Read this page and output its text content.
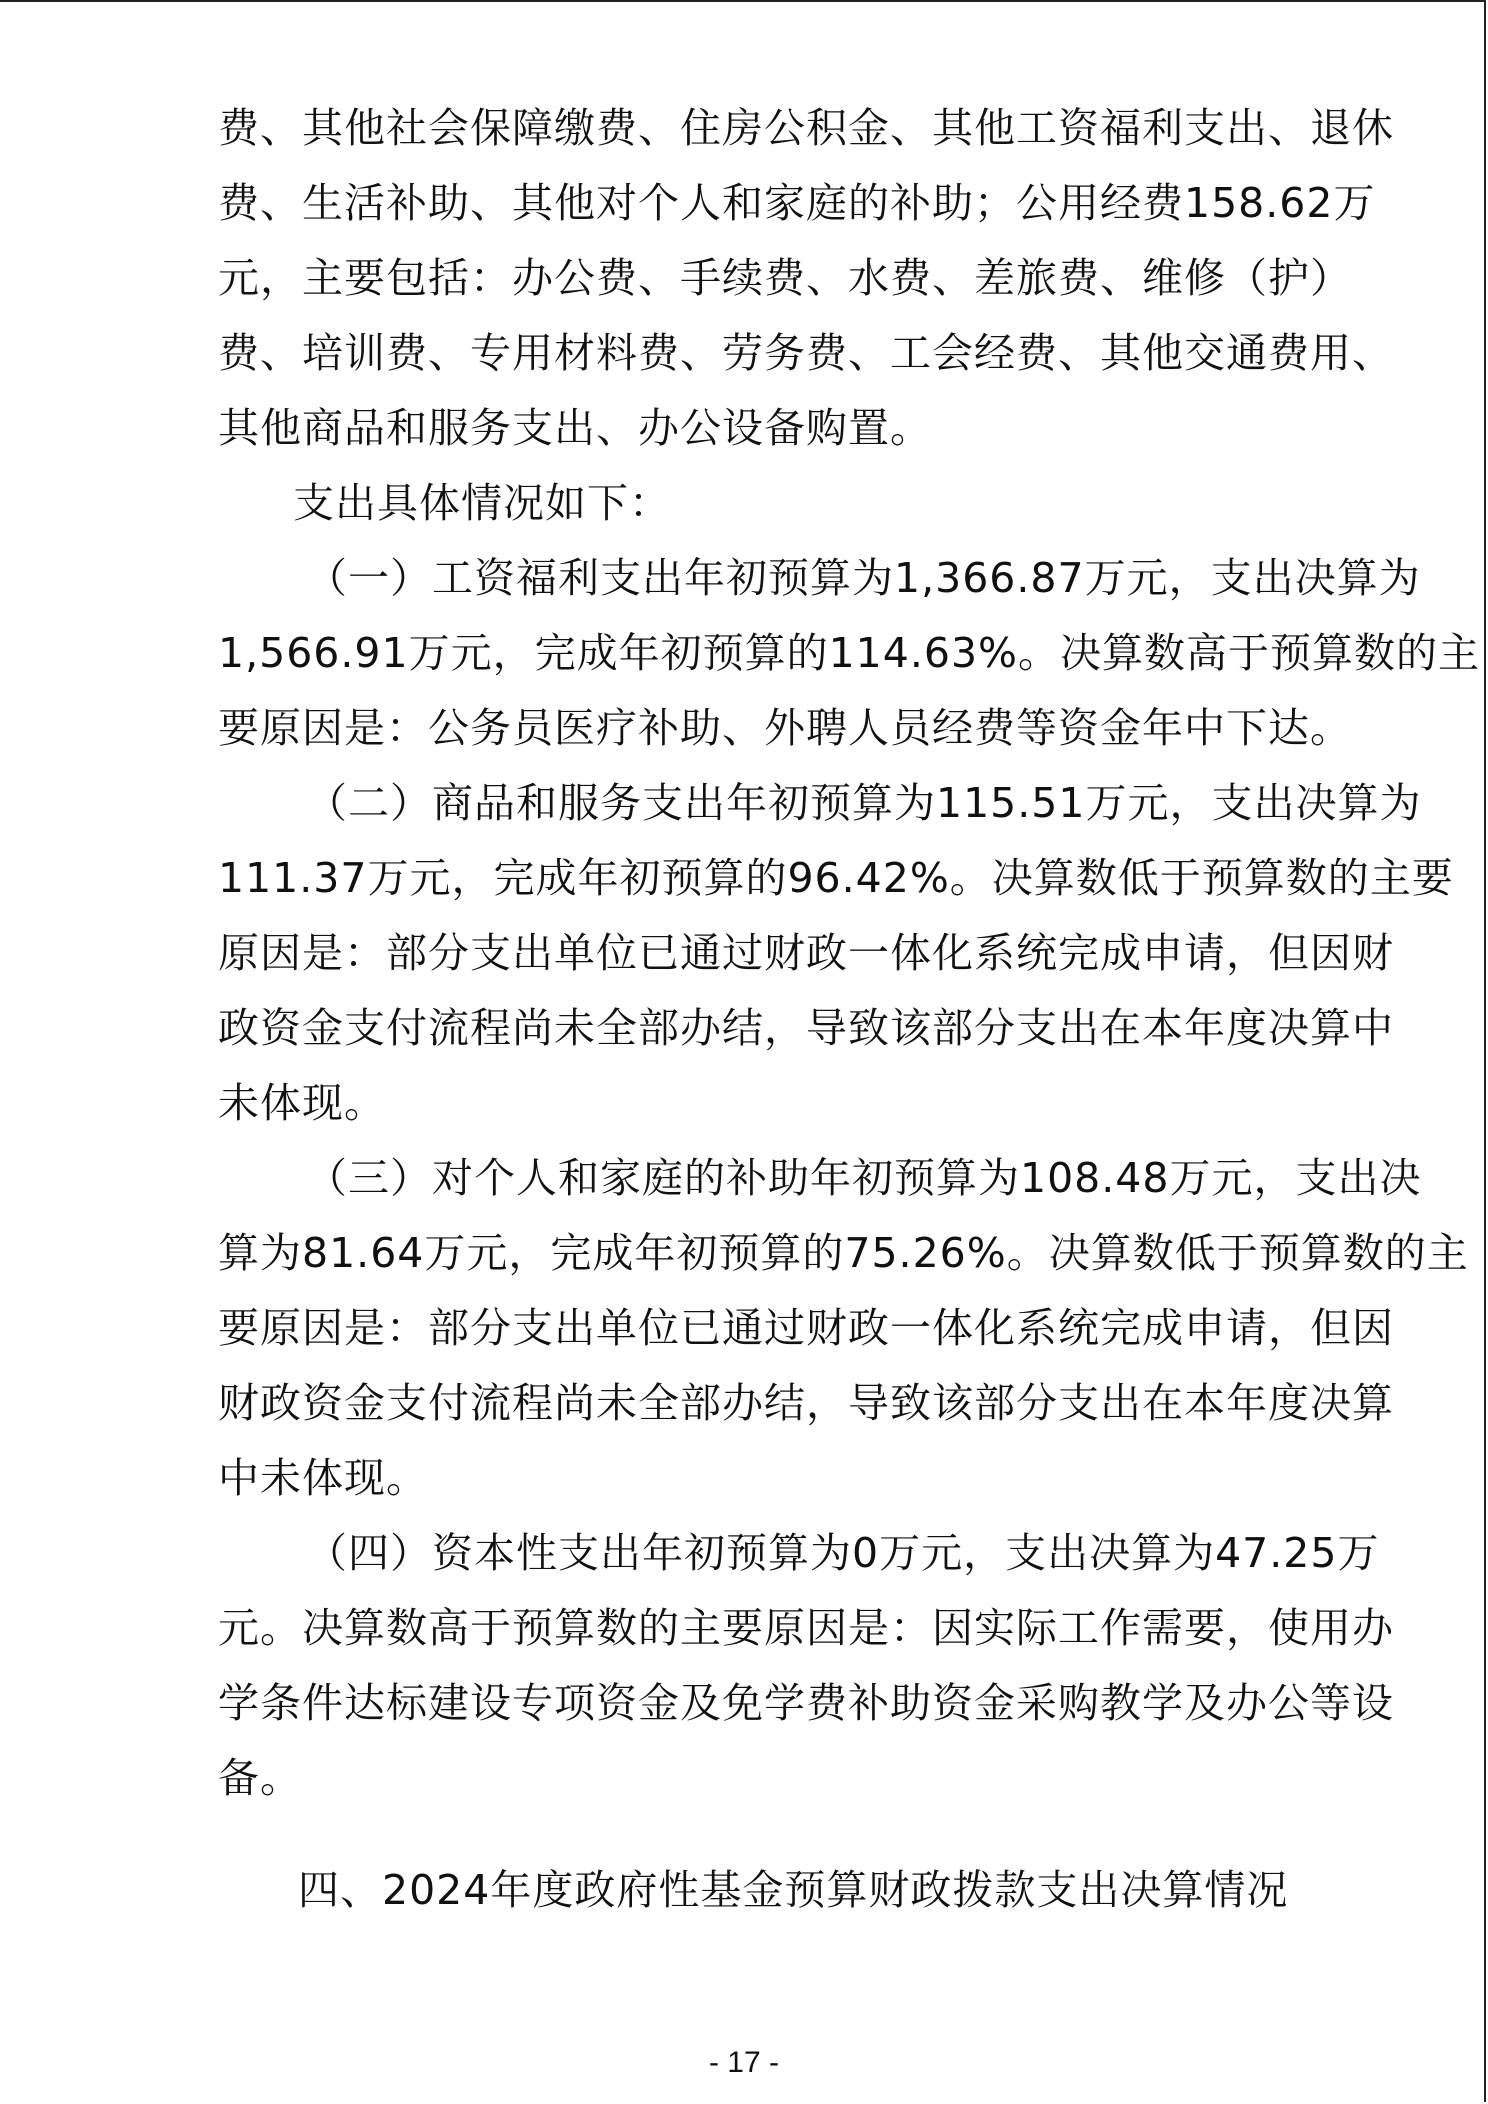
费、其他社会保障缴费、住房公积金、其他工资福利支出、退休
费、生活补助、其他对个人和家庭的补助；公用经费158.62万
元，主要包括：办公费、手续费、水费、差旅费、维修（护）
费、培训费、专用材料费、劳务费、工会经费、其他交通费用、
其他商品和服务支出、办公设备购置。
支出具体情况如下：
（一）工资福利支出年初预算为1,366.87万元，支出决算为
1,566.91万元，完成年初预算的114.63%。决算数高于预算数的主
要原因是：公务员医疗补助、外聘人员经费等资金年中下达。
（二）商品和服务支出年初预算为115.51万元，支出决算为
111.37万元，完成年初预算的96.42%。决算数低于预算数的主要
原因是：部分支出单位已通过财政一体化系统完成申请，但因财
政资金支付流程尚未全部办结，导致该部分支出在本年度决算中
未体现。
（三）对个人和家庭的补助年初预算为108.48万元，支出决
算为81.64万元，完成年初预算的75.26%。决算数低于预算数的主
要原因是：部分支出单位已通过财政一体化系统完成申请，但因
财政资金支付流程尚未全部办结，导致该部分支出在本年度决算
中未体现。
（四）资本性支出年初预算为0万元，支出决算为47.25万
元。决算数高于预算数的主要原因是：因实际工作需要，使用办
学条件达标建设专项资金及免学费补助资金采购教学及办公等设
备。
四、2024年度政府性基金预算财政拨款支出决算情况
- 17 -
